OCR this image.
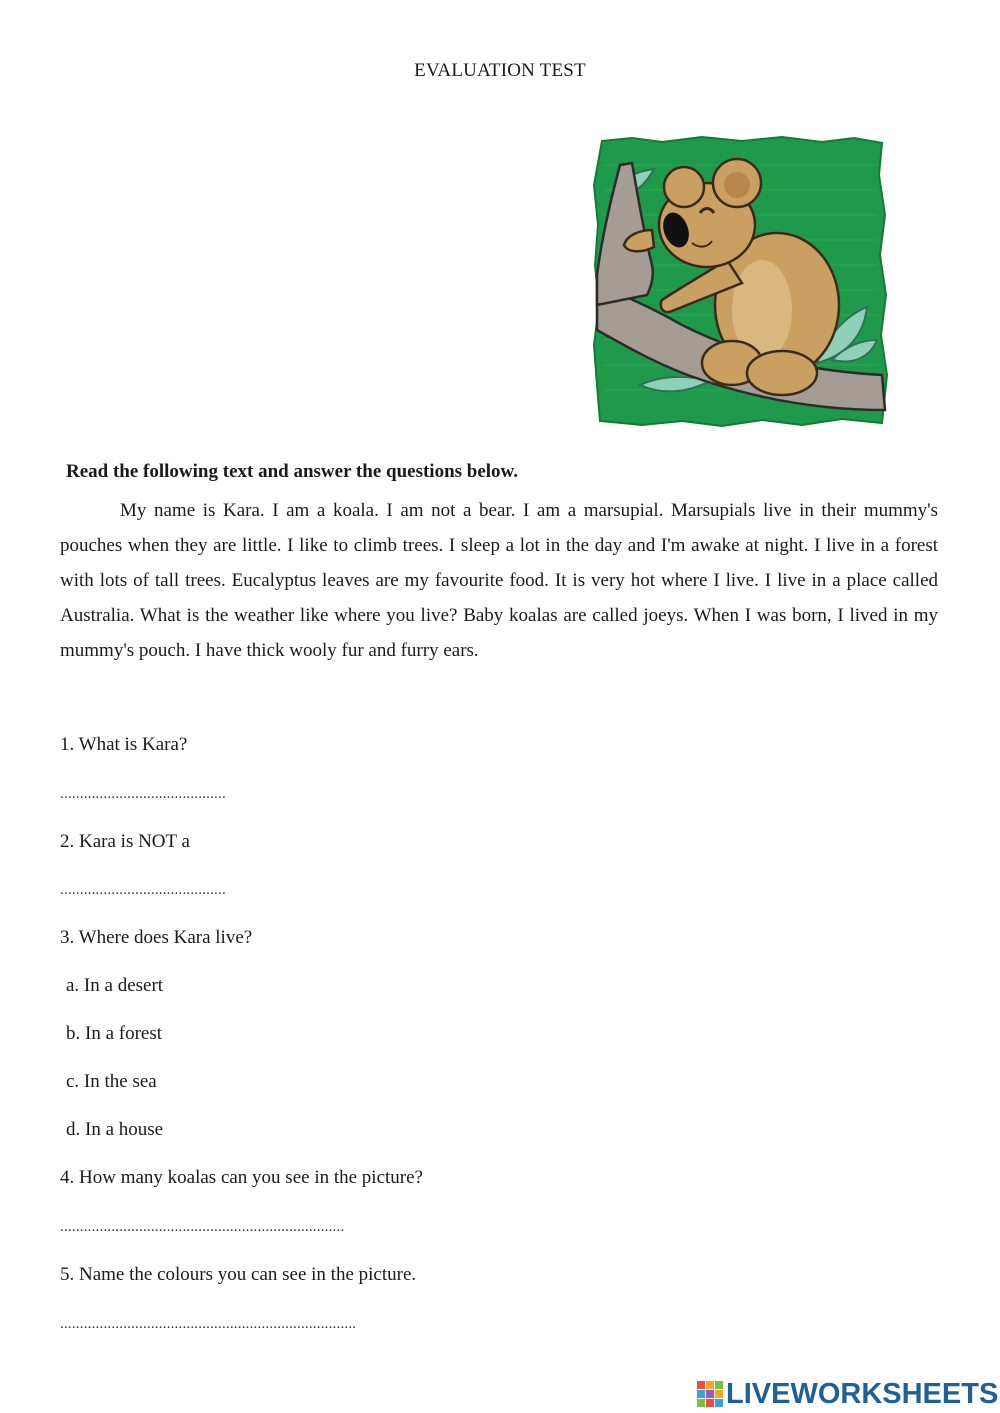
EVALUATION TEST
Read the following text and answer the questions below.

My name is Kara. I am a koala. I am not a bear. I am a marsupial. Marsupials live in their mummy's pouches when they are little. I like to climb trees. I sleep a lot in the day and I'm awake at night. I live in a forest with lots of tall trees. Eucalyptus leaves are my favourite food. It is very hot where I live. I live in a place called Australia. What is the weather like where you live? Baby koalas are called joeys. When I was born, I lived in my mummy's pouch. I have thick wooly fur and furry ears.

1. What is Kara?
..........................................
2. Kara is NOT a
..........................................
3. Where does Kara live?
a. In a desert
b. In a forest
c. In the sea
d. In a house
4. How many koalas can you see in the picture?
........................................................................
5. Name the colours you can see in the picture.
...........................................................................
LIVEWORKSHEETS
